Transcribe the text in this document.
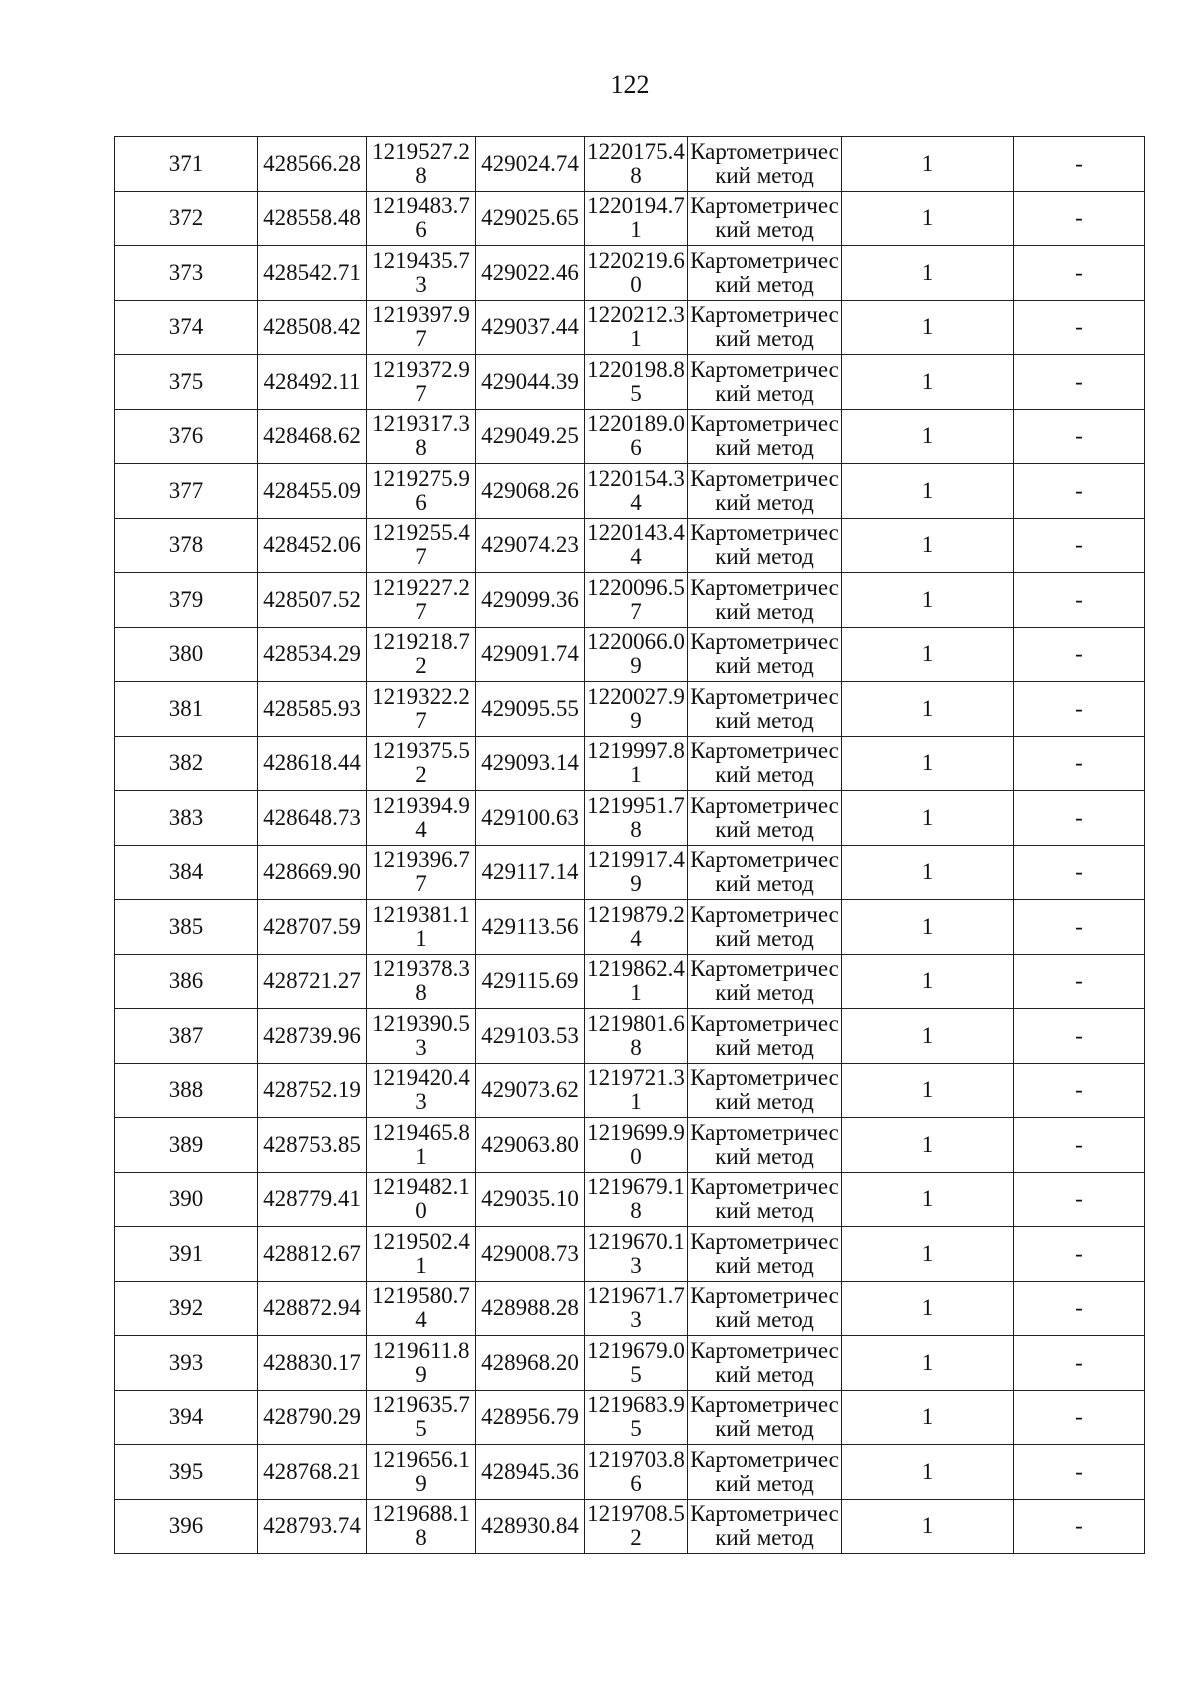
122
371	428566.28	1219527.28	429024.74	1220175.48	Картометрический метод	1	-
372	428558.48	1219483.76	429025.65	1220194.71	Картометрический метод	1	-
373	428542.71	1219435.73	429022.46	1220219.60	Картометрический метод	1	-
374	428508.42	1219397.97	429037.44	1220212.31	Картометрический метод	1	-
375	428492.11	1219372.97	429044.39	1220198.85	Картометрический метод	1	-
376	428468.62	1219317.38	429049.25	1220189.06	Картометрический метод	1	-
377	428455.09	1219275.96	429068.26	1220154.34	Картометрический метод	1	-
378	428452.06	1219255.47	429074.23	1220143.44	Картометрический метод	1	-
379	428507.52	1219227.27	429099.36	1220096.57	Картометрический метод	1	-
380	428534.29	1219218.72	429091.74	1220066.09	Картометрический метод	1	-
381	428585.93	1219322.27	429095.55	1220027.99	Картометрический метод	1	-
382	428618.44	1219375.52	429093.14	1219997.81	Картометрический метод	1	-
383	428648.73	1219394.94	429100.63	1219951.78	Картометрический метод	1	-
384	428669.90	1219396.77	429117.14	1219917.49	Картометрический метод	1	-
385	428707.59	1219381.11	429113.56	1219879.24	Картометрический метод	1	-
386	428721.27	1219378.38	429115.69	1219862.41	Картометрический метод	1	-
387	428739.96	1219390.53	429103.53	1219801.68	Картометрический метод	1	-
388	428752.19	1219420.43	429073.62	1219721.31	Картометрический метод	1	-
389	428753.85	1219465.81	429063.80	1219699.90	Картометрический метод	1	-
390	428779.41	1219482.10	429035.10	1219679.18	Картометрический метод	1	-
391	428812.67	1219502.41	429008.73	1219670.13	Картометрический метод	1	-
392	428872.94	1219580.74	428988.28	1219671.73	Картометрический метод	1	-
393	428830.17	1219611.89	428968.20	1219679.05	Картометрический метод	1	-
394	428790.29	1219635.75	428956.79	1219683.95	Картометрический метод	1	-
395	428768.21	1219656.19	428945.36	1219703.86	Картометрический метод	1	-
396	428793.74	1219688.18	428930.84	1219708.52	Картометрический метод	1	-
